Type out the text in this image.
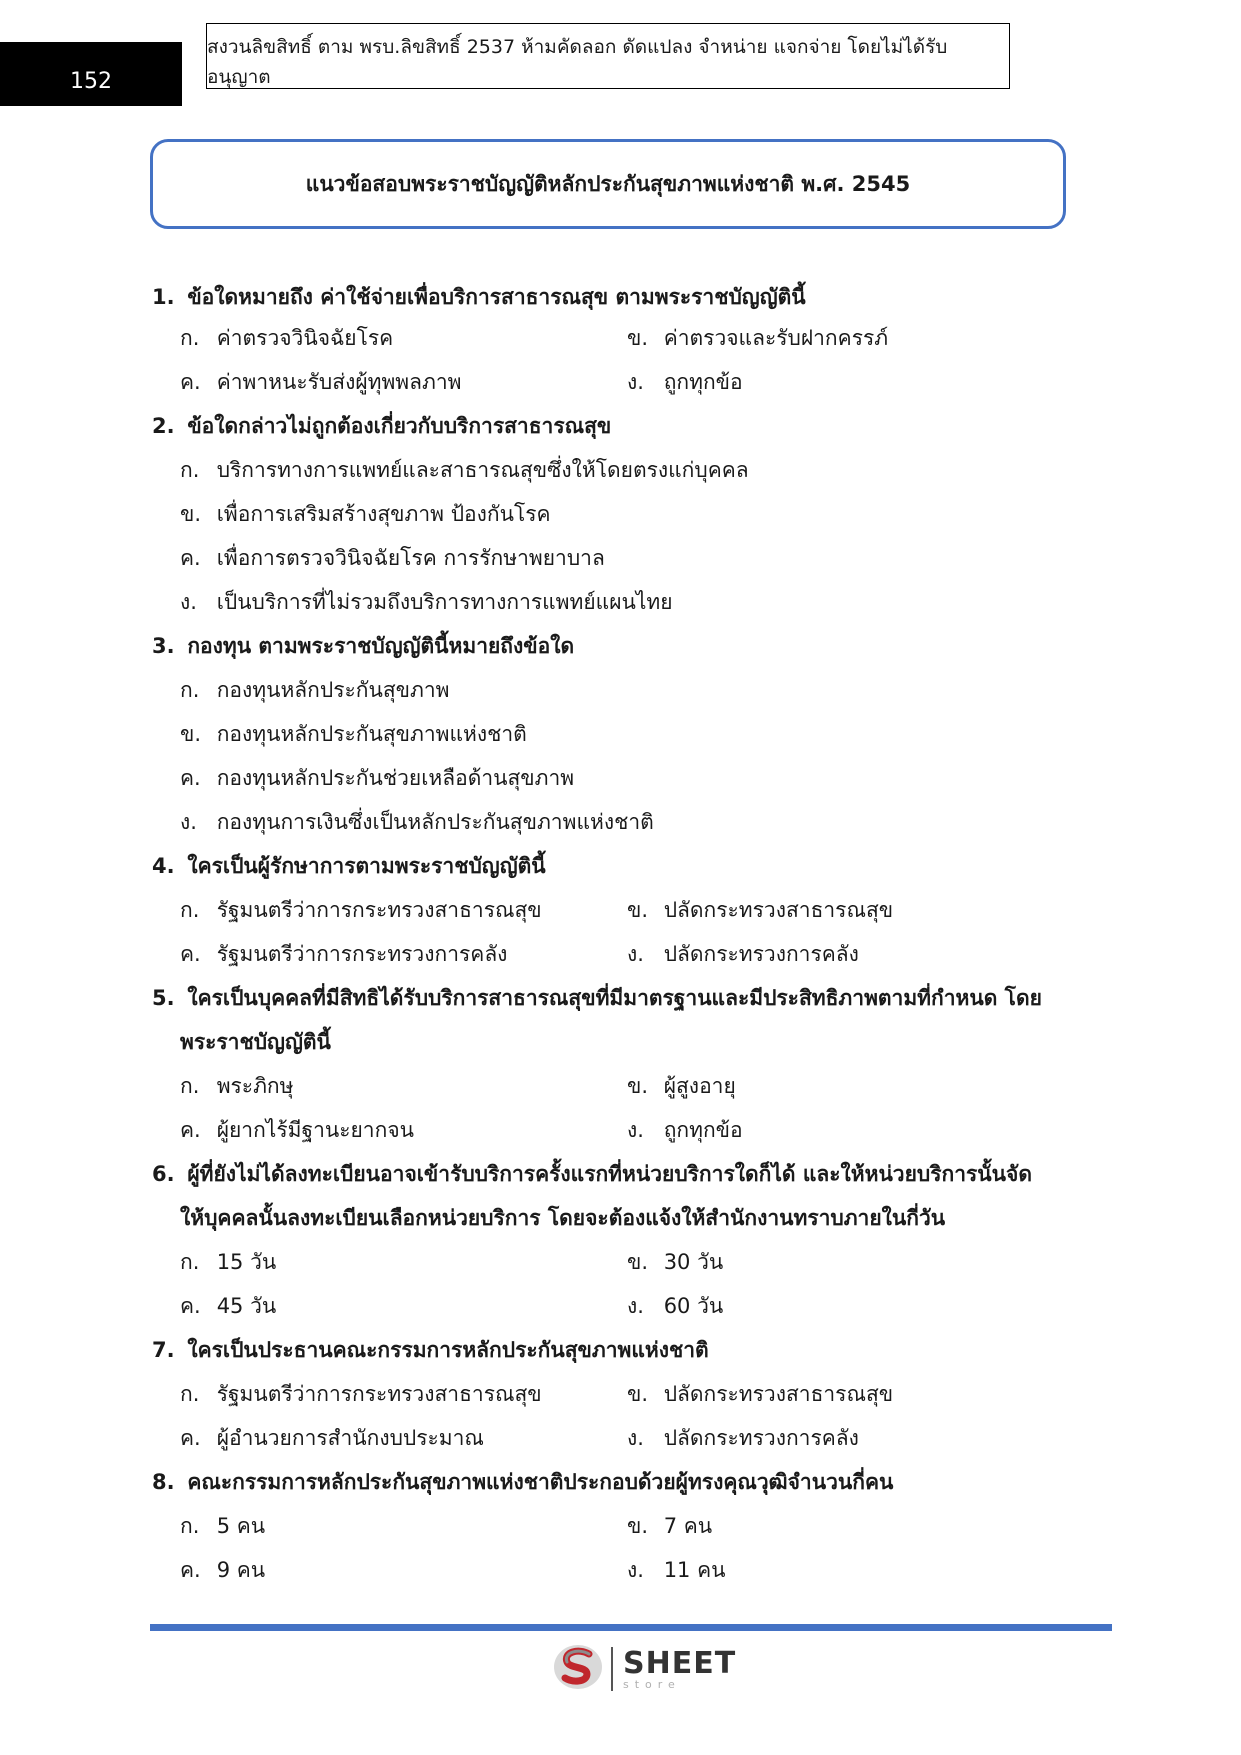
152
สงวนลิขสิทธิ์ ตาม พรบ.ลิขสิทธิ์ 2537 ห้ามคัดลอก ดัดแปลง จำหน่าย แจกจ่าย โดยไม่ได้รับอนุญาต
แนวข้อสอบพระราชบัญญัติหลักประกันสุขภาพแห่งชาติ พ.ศ. 2545
1. ข้อใดหมายถึง ค่าใช้จ่ายเพื่อบริการสาธารณสุข ตามพระราชบัญญัตินี้
ก. ค่าตรวจวินิจฉัยโรค	ข. ค่าตรวจและรับฝากครรภ์
ค. ค่าพาหนะรับส่งผู้ทุพพลภาพ	ง. ถูกทุกข้อ
2. ข้อใดกล่าวไม่ถูกต้องเกี่ยวกับบริการสาธารณสุข
ก. บริการทางการแพทย์และสาธารณสุขซึ่งให้โดยตรงแก่บุคคล
ข. เพื่อการเสริมสร้างสุขภาพ ป้องกันโรค
ค. เพื่อการตรวจวินิจฉัยโรค การรักษาพยาบาล
ง. เป็นบริการที่ไม่รวมถึงบริการทางการแพทย์แผนไทย
3. กองทุน ตามพระราชบัญญัตินี้หมายถึงข้อใด
ก. กองทุนหลักประกันสุขภาพ
ข. กองทุนหลักประกันสุขภาพแห่งชาติ
ค. กองทุนหลักประกันช่วยเหลือด้านสุขภาพ
ง. กองทุนการเงินซึ่งเป็นหลักประกันสุขภาพแห่งชาติ
4. ใครเป็นผู้รักษาการตามพระราชบัญญัตินี้
ก. รัฐมนตรีว่าการกระทรวงสาธารณสุข	ข. ปลัดกระทรวงสาธารณสุข
ค. รัฐมนตรีว่าการกระทรวงการคลัง	ง. ปลัดกระทรวงการคลัง
5. ใครเป็นบุคคลที่มีสิทธิได้รับบริการสาธารณสุขที่มีมาตรฐานและมีประสิทธิภาพตามที่กำหนด โดย
พระราชบัญญัตินี้
ก. พระภิกษุ	ข. ผู้สูงอายุ
ค. ผู้ยากไร้มีฐานะยากจน	ง. ถูกทุกข้อ
6. ผู้ที่ยังไม่ได้ลงทะเบียนอาจเข้ารับบริการครั้งแรกที่หน่วยบริการใดก็ได้ และให้หน่วยบริการนั้นจัด
ให้บุคคลนั้นลงทะเบียนเลือกหน่วยบริการ โดยจะต้องแจ้งให้สำนักงานทราบภายในกี่วัน
ก. 15 วัน	ข. 30 วัน
ค. 45 วัน	ง. 60 วัน
7. ใครเป็นประธานคณะกรรมการหลักประกันสุขภาพแห่งชาติ
ก. รัฐมนตรีว่าการกระทรวงสาธารณสุข	ข. ปลัดกระทรวงสาธารณสุข
ค. ผู้อำนวยการสำนักงบประมาณ	ง. ปลัดกระทรวงการคลัง
8. คณะกรรมการหลักประกันสุขภาพแห่งชาติประกอบด้วยผู้ทรงคุณวุฒิจำนวนกี่คน
ก. 5 คน	ข. 7 คน
ค. 9 คน	ง. 11 คน
SHEET
store
